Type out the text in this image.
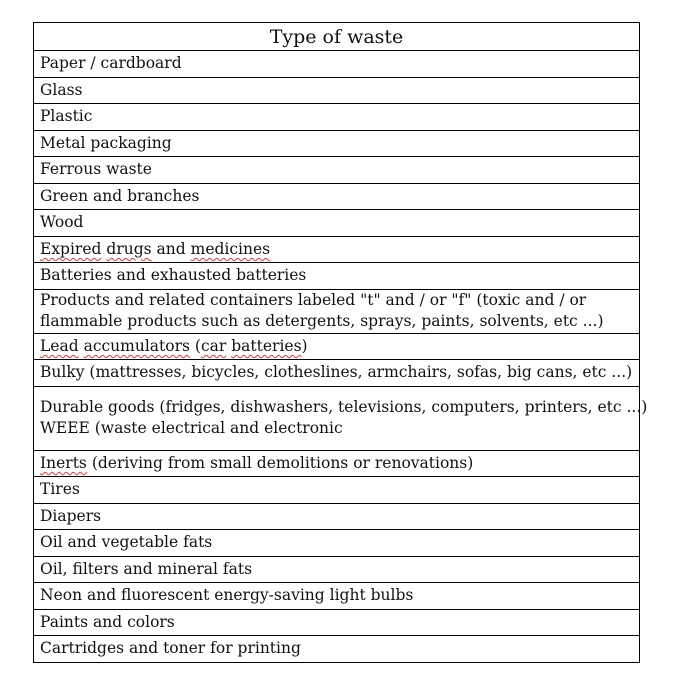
Type of waste
Paper / cardboard
Glass
Plastic
Metal packaging
Ferrous waste
Green and branches
Wood
Expired drugs and medicines
Batteries and exhausted batteries
Products and related containers labeled "t" and / or "f" (toxic and / or flammable products such as detergents, sprays, paints, solvents, etc ...)
Lead accumulators (car batteries)
Bulky (mattresses, bicycles, clotheslines, armchairs, sofas, big cans, etc ...)

Durable goods (fridges, dishwashers, televisions, computers, printers, etc ...)
WEEE (waste electrical and electronic

Inerts (deriving from small demolitions or renovations)
Tires
Diapers
Oil and vegetable fats
Oil, filters and mineral fats
Neon and fluorescent energy-saving light bulbs
Paints and colors
Cartridges and toner for printing
